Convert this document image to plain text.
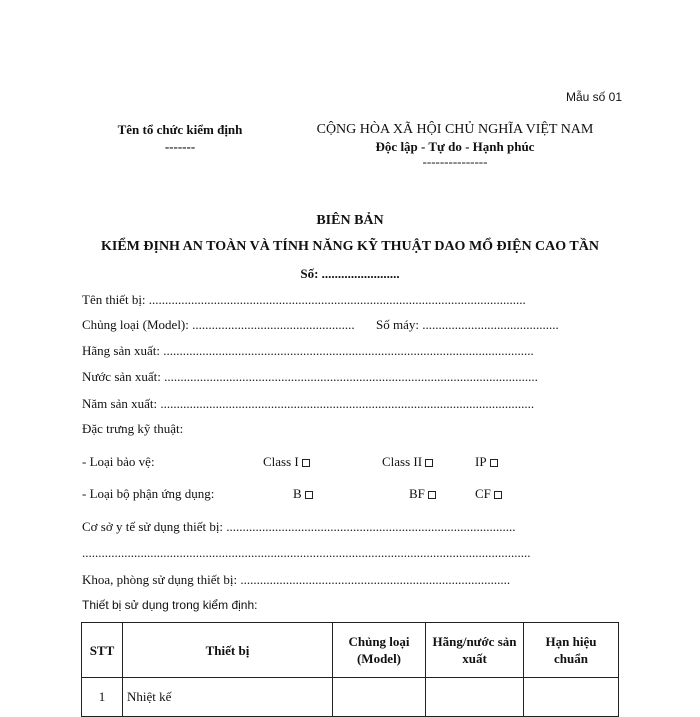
Mẫu số 01
Tên tổ chức kiểm định
-------
CỘNG HÒA XÃ HỘI CHỦ NGHĨA VIỆT NAM
Độc lập - Tự do - Hạnh phúc
---------------
BIÊN BẢN
KIỂM ĐỊNH AN TOÀN VÀ TÍNH NĂNG KỸ THUẬT DAO MỔ ĐIỆN CAO TẦN
Số: ........................
Tên thiết bị: ....................................................................................................................
Chủng loại (Model): .................................................. Số máy: ..........................................
Hãng sản xuất: ..................................................................................................................
Nước sản xuất: ...................................................................................................................
Năm sản xuất: ...................................................................................................................
Đặc trưng kỹ thuật:
- Loại bảo vệ:	Class I	Class II	IP
- Loại bộ phận ứng dụng:	B	BF	CF
Cơ sở y tế sử dụng thiết bị: .........................................................................................
..........................................................................................................................................
Khoa, phòng sử dụng thiết bị: ...................................................................................
Thiết bị sử dụng trong kiểm định:
STT	Thiết bị	Chủng loại (Model)	Hãng/nước sản xuất	Hạn hiệu chuẩn
1	Nhiệt kế			
